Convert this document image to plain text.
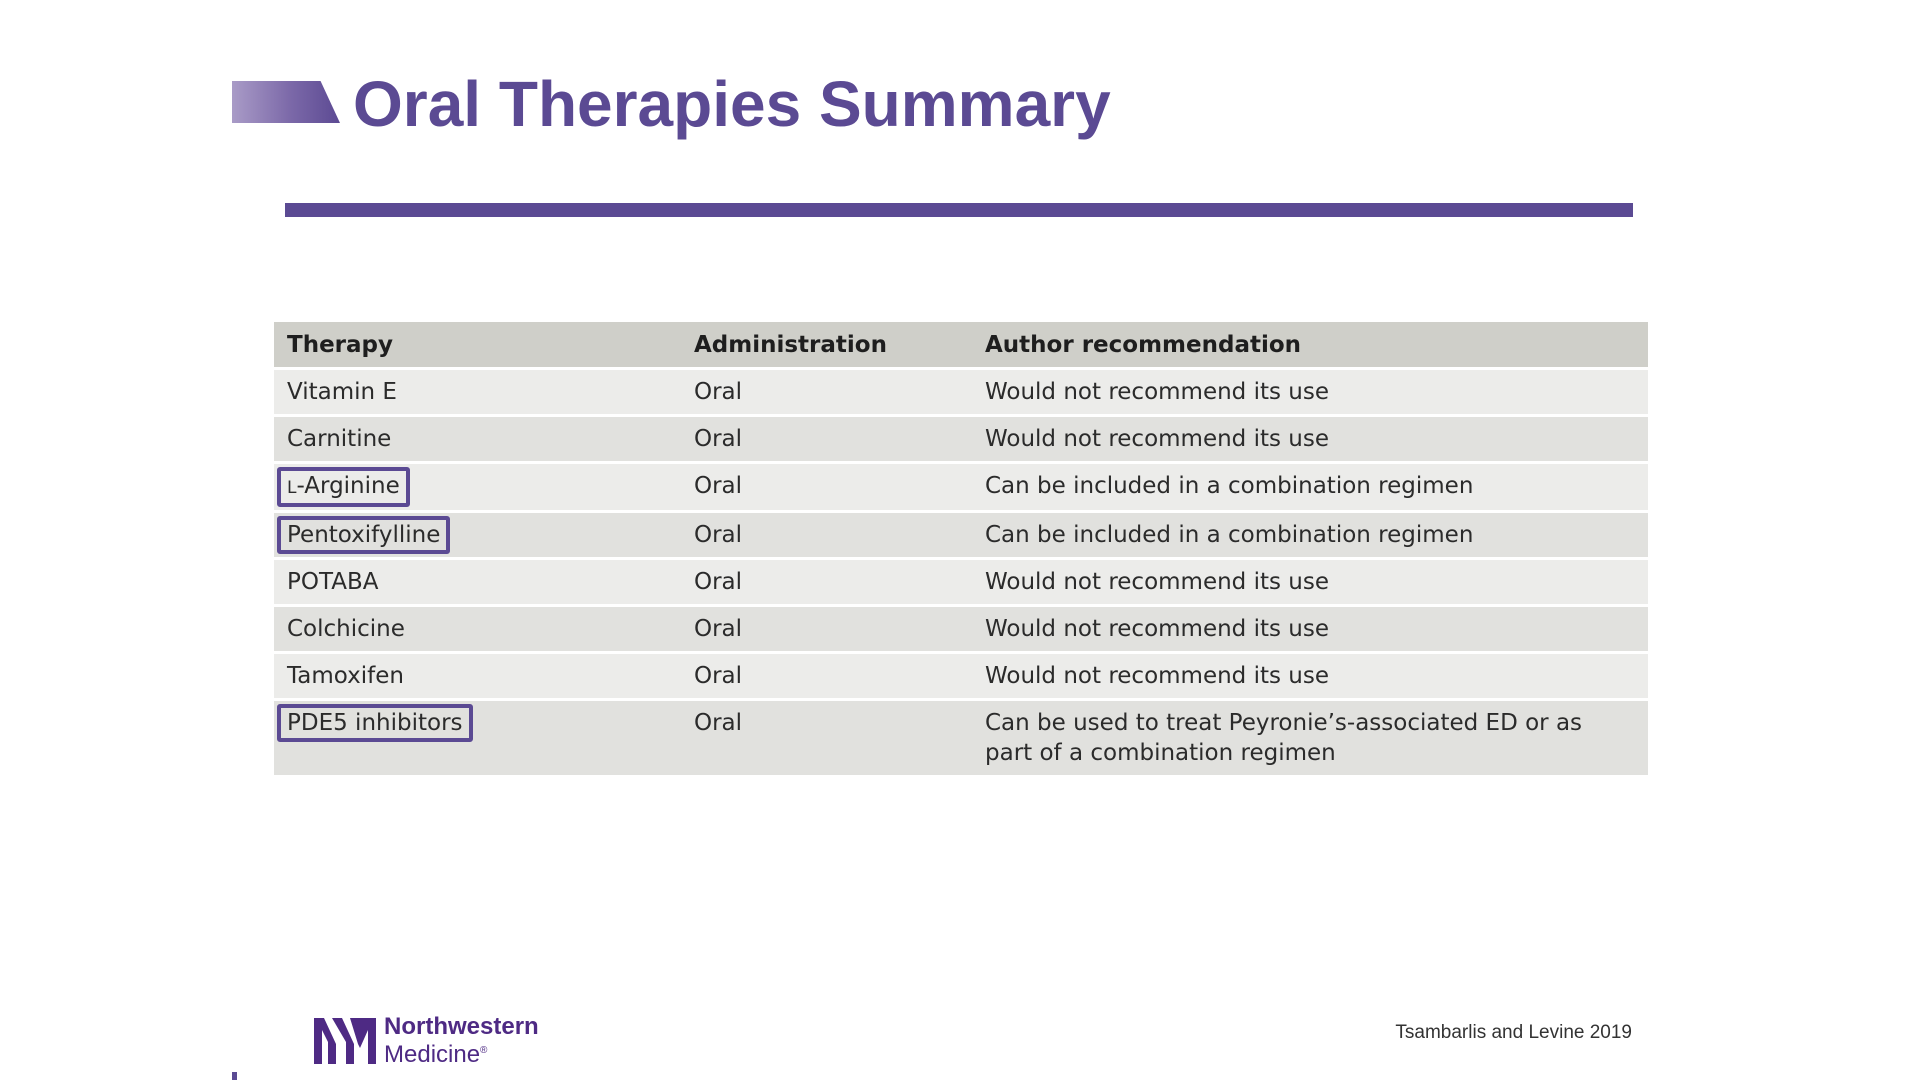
Oral Therapies Summary
Therapy	Administration	Author recommendation
Vitamin E	Oral	Would not recommend its use
Carnitine	Oral	Would not recommend its use
L-Arginine	Oral	Can be included in a combination regimen
Pentoxifylline	Oral	Can be included in a combination regimen
POTABA	Oral	Would not recommend its use
Colchicine	Oral	Would not recommend its use
Tamoxifen	Oral	Would not recommend its use
PDE5 inhibitors	Oral	Can be used to treat Peyronie’s-associated ED or as part of a combination regimen
Northwestern
Medicine®
Tsambarlis and Levine 2019
